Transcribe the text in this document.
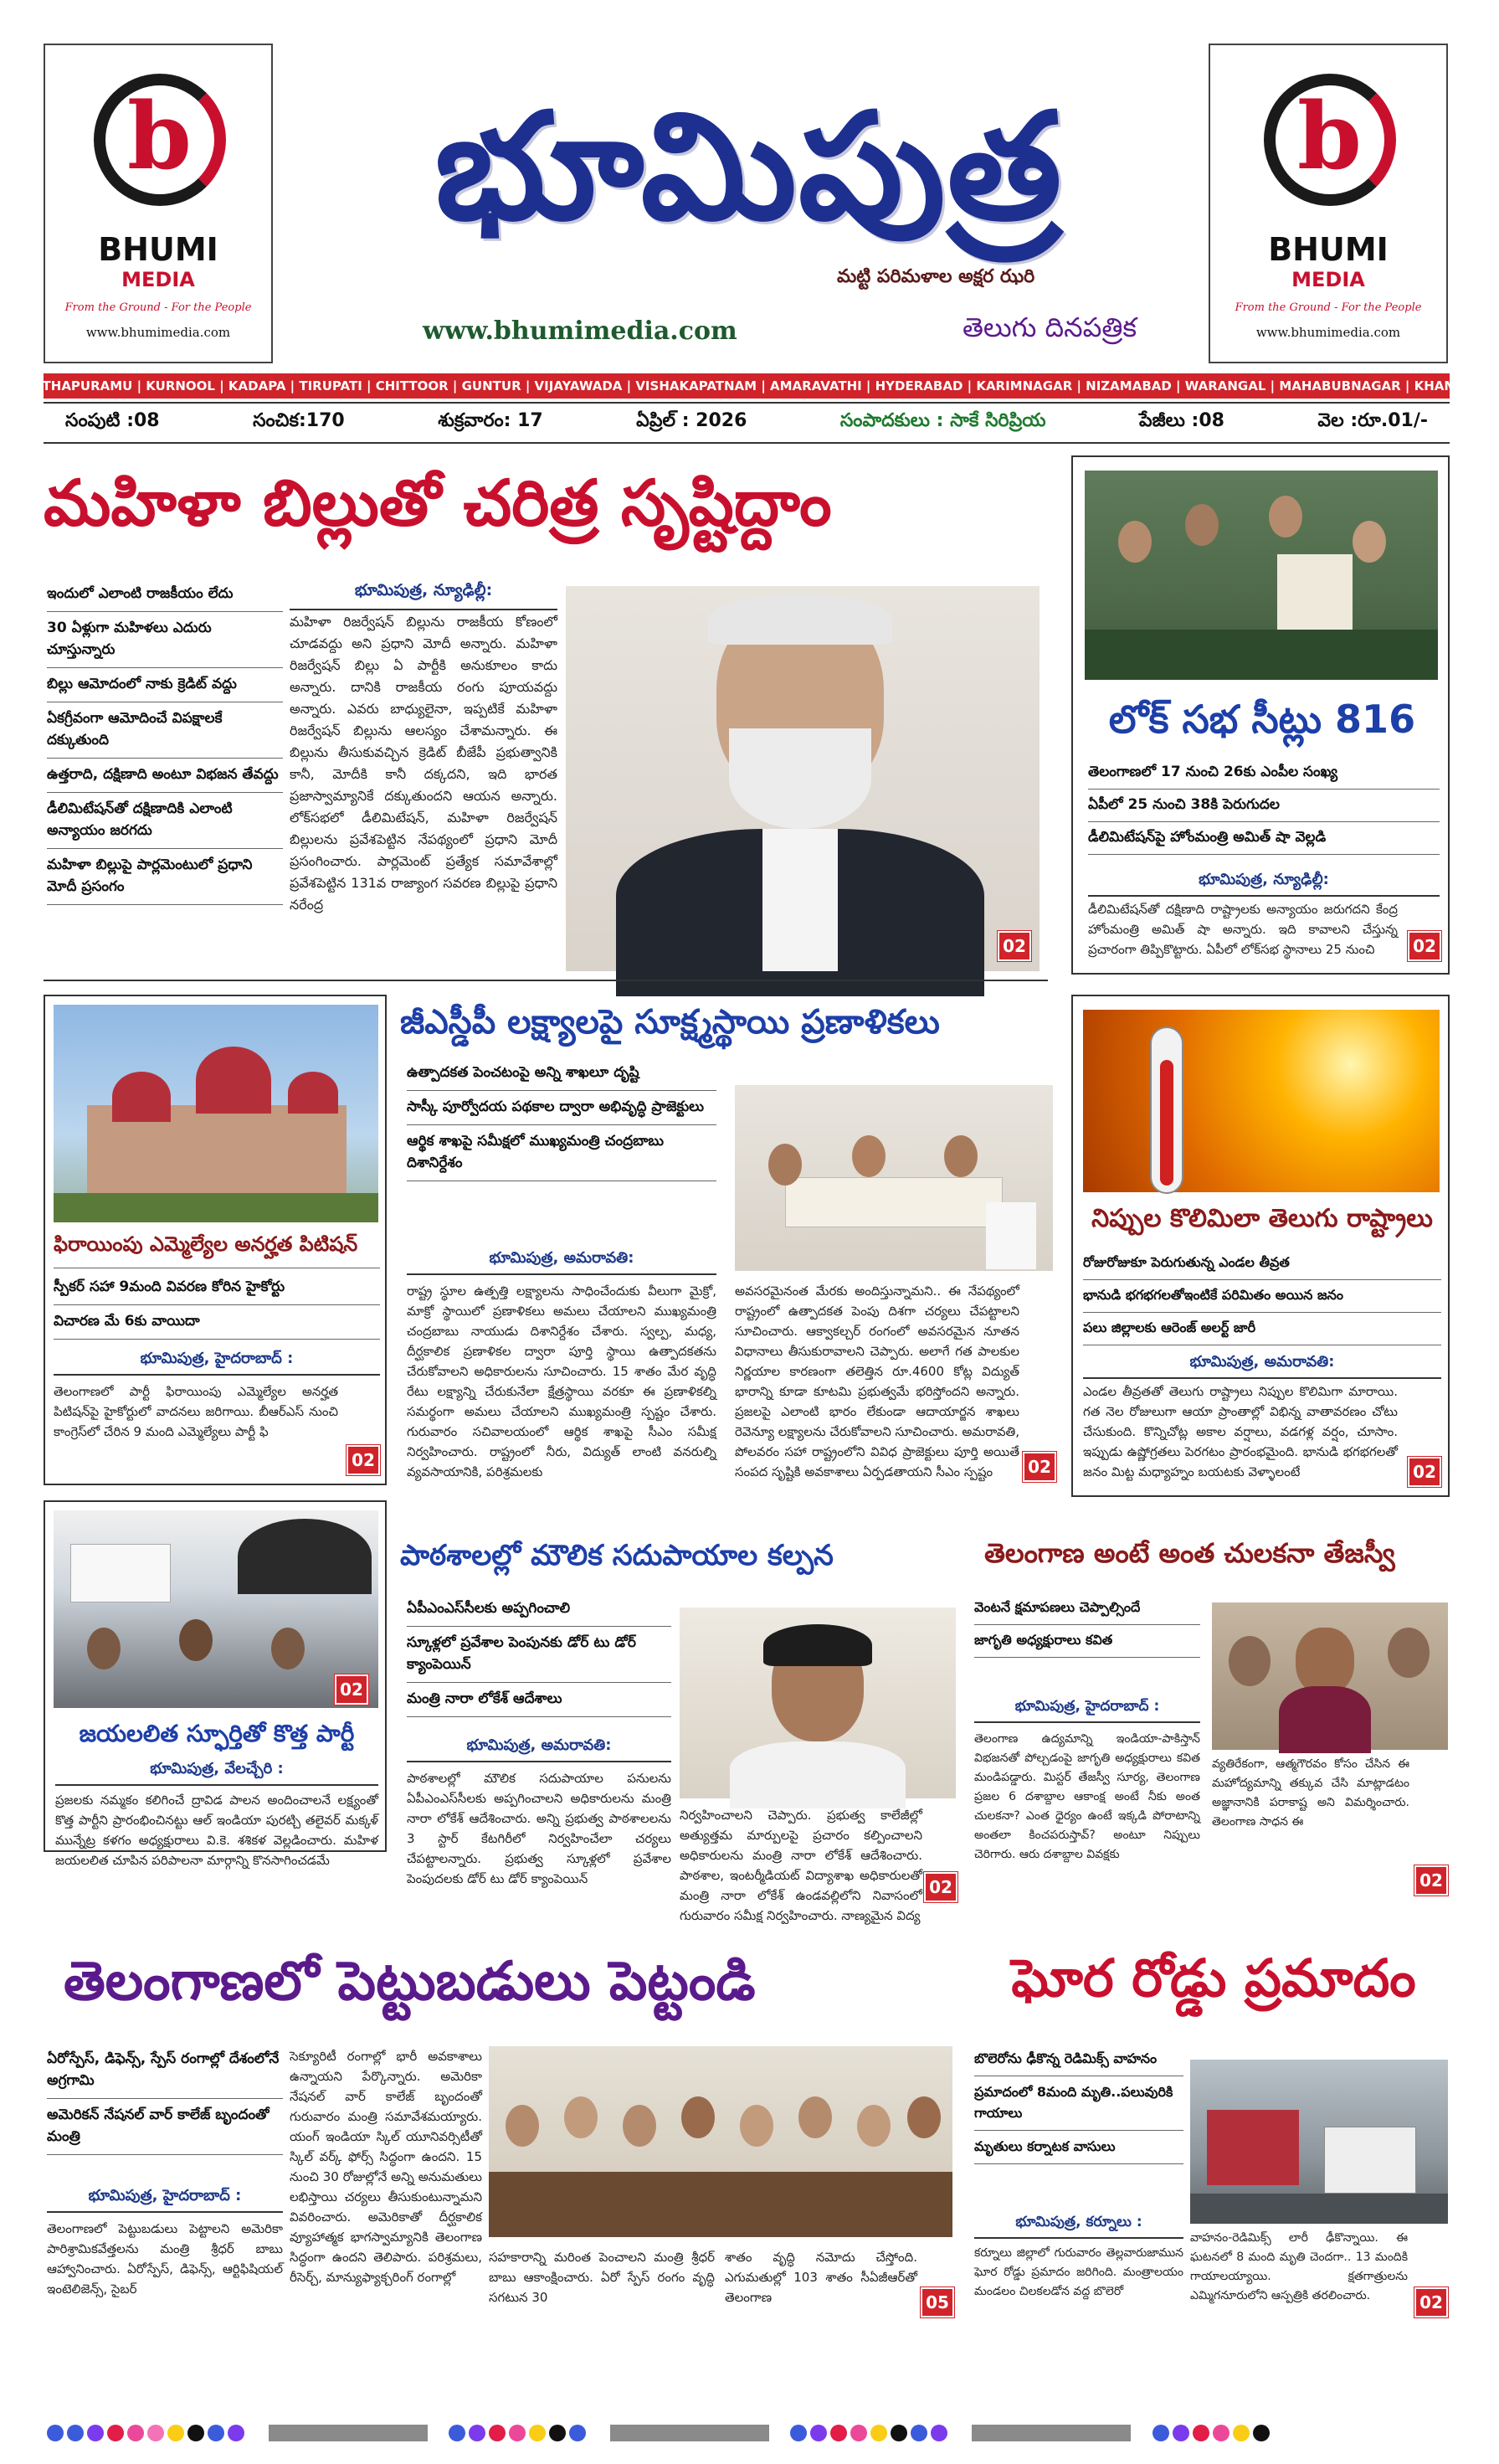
b
BHUMI
MEDIA
From the Ground - For the People
www.bhumimedia.com
b
BHUMI
MEDIA
From the Ground - For the People
www.bhumimedia.com
భూమిపుత్ర
మట్టి పరిమళాల అక్షర ఝరి
www.bhumimedia.com	తెలుగు దినపత్రిక
ANANTHAPURAMU | KURNOOL | KADAPA | TIRUPATI | CHITTOOR | GUNTUR | VIJAYAWADA | VISHAKAPATNAM | AMARAVATHI | HYDERABAD | KARIMNAGAR | NIZAMABAD | WARANGAL | MAHABUBNAGAR | KHAMMAM
సంపుటి :08	సంచిక:170	శుక్రవారం: 17	ఏప్రిల్ : 2026	సంపాదకులు : సాకే సిరిప్రియ	పేజీలు :08	వెల :రూ.01/-
మహిళా బిల్లుతో చరిత్ర సృష్టిద్దాం

ఇందులో ఎలాంటి రాజకీయం లేదు

30 ఏళ్లుగా మహిళలు ఎదురు చూస్తున్నారు

బిల్లు ఆమోదంలో నాకు క్రెడిట్ వద్దు

ఏకగ్రీవంగా ఆమోదించే విపక్షాలకే దక్కుతుంది

ఉత్తరాది, దక్షిణాది అంటూ విభజన తేవద్దు

డీలిమిటేషన్‌తో దక్షిణాదికి ఎలాంటి అన్యాయం జరగదు

మహిళా బిల్లుపై పార్లమెంటులో ప్రధాని మోదీ ప్రసంగం

భూమిపుత్ర, న్యూఢిల్లీ:
మహిళా రిజర్వేషన్ బిల్లును రాజకీయ కోణంలో చూడవద్దు అని ప్రధాని మోదీ అన్నారు. మహిళా రిజర్వేషన్ బిల్లు ఏ పార్టీకి అనుకూలం కాదు అన్నారు. దానికి రాజకీయ రంగు పూయవద్దు అన్నారు. ఎవరు బాధ్యులైనా, ఇప్పటికే మహిళా రిజర్వేషన్ బిల్లును ఆలస్యం చేశామన్నారు. ఈ బిల్లును తీసుకువచ్చిన క్రెడిట్ బీజేపీ ప్రభుత్వానికి కానీ, మోదీకి కానీ దక్కదని, ఇది భారత ప్రజాస్వామ్యానికే దక్కుతుందని ఆయన అన్నారు. లోక్‌సభలో డీలిమిటేషన్, మహిళా రిజర్వేషన్ బిల్లులను ప్రవేశపెట్టిన నేపథ్యంలో ప్రధాని మోదీ ప్రసంగించారు. పార్లమెంట్ ప్రత్యేక సమావేశాల్లో ప్రవేశపెట్టిన 131వ రాజ్యాంగ సవరణ బిల్లుపై ప్రధాని నరేంద్ర
02
లోక్ సభ సీట్లు 816

తెలంగాణలో 17 నుంచి 26కు ఎంపీల సంఖ్య

ఏపీలో 25 నుంచి 38కి పెరుగుదల

డీలిమిటేషన్‌పై హోంమంత్రి అమిత్ షా వెల్లడి

భూమిపుత్ర, న్యూఢిల్లీ:
డీలిమిటేషన్‌తో దక్షిణాది రాష్ట్రాలకు అన్యాయం జరుగదని కేంద్ర హోంమంత్రి అమిత్ షా అన్నారు. ఇది కావాలని చేస్తున్న ప్రచారంగా తిప్పికొట్టారు. ఏపీలో లోక్‌సభ స్థానాలు 25 నుంచి	02
ఫిరాయింపు ఎమ్మెల్యేల అనర్హత పిటిషన్

స్పీకర్ సహా 9మంది వివరణ కోరిన హైకోర్టు

విచారణ మే 6కు వాయిదా

భూమిపుత్ర, హైదరాబాద్ :
తెలంగాణలో పార్టీ ఫిరాయింపు ఎమ్మెల్యేల అనర్హత పిటిషన్‌పై హైకోర్టులో వాదనలు జరిగాయి. బీఆర్ఎస్ నుంచి కాంగ్రెస్‌లో చేరిన 9 మంది ఎమ్మెల్యేలు పార్టీ ఫి
02
జీఎస్డీపీ లక్ష్యాలపై సూక్ష్మస్థాయి ప్రణాళికలు

ఉత్పాదకత పెంచటంపై అన్ని శాఖలూ దృష్టి

సాస్కీ పూర్వోదయ పథకాల ద్వారా అభివృద్ధి ప్రాజెక్టులు

ఆర్థిక శాఖపై సమీక్షలో ముఖ్యమంత్రి చంద్రబాబు దిశానిర్దేశం

భూమిపుత్ర, అమరావతి:
రాష్ట్ర స్థూల ఉత్పత్తి లక్ష్యాలను సాధించేందుకు వీలుగా మైక్రో, మాక్రో స్థాయిలో ప్రణాళికలు అమలు చేయాలని ముఖ్యమంత్రి చంద్రబాబు నాయుడు దిశానిర్దేశం చేశారు. స్వల్ప, మధ్య, దీర్ఘకాలిక ప్రణాళికల ద్వారా పూర్తి స్థాయి ఉత్పాదకతను చేరుకోవాలని అధికారులను సూచించారు. 15 శాతం మేర వృద్ధి రేటు లక్ష్యాన్ని చేరుకునేలా క్షేత్రస్థాయి వరకూ ఈ ప్రణాళికల్ని సమర్థంగా అమలు చేయాలని ముఖ్యమంత్రి స్పష్టం చేశారు. గురువారం సచివాలయంలో ఆర్థిక శాఖపై సీఎం సమీక్ష నిర్వహించారు. రాష్ట్రంలో నీరు, విద్యుత్ లాంటి వనరుల్ని వ్యవసాయానికి, పరిశ్రమలకు
అవసరమైనంత మేరకు అందిస్తున్నామని.. ఈ నేపథ్యంలో రాష్ట్రంలో ఉత్పాదకత పెంపు దిశగా చర్యలు చేపట్టాలని సూచించారు. ఆక్వాకల్చర్ రంగంలో అవసరమైన నూతన విధానాలు తీసుకురావాలని చెప్పారు. అలాగే గత పాలకుల నిర్ణయాల కారణంగా తలెత్తిన రూ.4600 కోట్ల విద్యుత్ భారాన్ని కూడా కూటమి ప్రభుత్వమే భరిస్తోందని అన్నారు. ప్రజలపై ఎలాంటి భారం లేకుండా ఆదాయార్జన శాఖలు రెవెన్యూ లక్ష్యాలను చేరుకోవాలని సూచించారు. అమరావతి, పోలవరం సహా రాష్ట్రంలోని వివిధ ప్రాజెక్టులు పూర్తి అయితే సంపద సృష్టికి అవకాశాలు ఏర్పడతాయని సీఎం స్పష్టం	02
నిప్పుల కొలిమిలా తెలుగు రాష్ట్రాలు

రోజురోజుకూ పెరుగుతున్న ఎండల తీవ్రత

భానుడి భగభగలతోఇంటికే పరిమితం అయిన జనం

పలు జిల్లాలకు ఆరెంజ్ అలర్ట్ జారీ

భూమిపుత్ర, అమరావతి:
ఎండల తీవ్రతతో తెలుగు రాష్ట్రాలు నిప్పుల కొలిమిగా మారాయి. గత నెల రోజులుగా ఆయా ప్రాంతాల్లో విభిన్న వాతావరణం చోటు చేసుకుంది. కొన్నిచోట్ల అకాల వర్షాలు, వడగళ్ల వర్షం, చూసాం. ఇప్పుడు ఉష్ణోగ్రతలు పెరగటం ప్రారంభమైంది. భానుడి భగభగలతో జనం మిట్ట మధ్యాహ్నం బయటకు వెళ్ళాలంటే	02
02
జయలలిత స్ఫూర్తితో కొత్త పార్టీ
భూమిపుత్ర, వేలచ్చేరి :
ప్రజలకు నమ్మకం కలిగించే ద్రావిడ పాలన అందించాలనే లక్ష్యంతో కొత్త పార్టీని ప్రారంభించినట్టు ఆల్ ఇండియా పురట్చి తలైవర్ మక్కళ్ మున్నేట్ర కళగం అధ్యక్షురాలు వి.కె. శశికళ వెల్లడించారు. మహిళ జయలలిత చూపిన పరిపాలనా మార్గాన్ని కొనసాగించడమే
పాఠశాలల్లో మౌలిక సదుపాయాల కల్పన

ఏపీఎంఎస్‌సీలకు అప్పగించాలి

స్కూళ్లలో ప్రవేశాల పెంపునకు డోర్ టు డోర్ క్యాంపెయిన్

మంత్రి నారా లోకేశ్ ఆదేశాలు

భూమిపుత్ర, అమరావతి:
పాఠశాలల్లో మౌలిక సదుపాయాల పనులను ఏపీఎంఎస్‌సీలకు అప్పగించాలని అధికారులను మంత్రి నారా లోకేశ్ ఆదేశించారు. అన్ని ప్రభుత్వ పాఠశాలలను 3 స్టార్ కేటగిరీలో నిర్వహించేలా చర్యలు చేపట్టాలన్నారు. ప్రభుత్వ స్కూళ్లలో ప్రవేశాల పెంపుదలకు డోర్ టు డోర్ క్యాంపెయిన్
నిర్వహించాలని చెప్పారు. ప్రభుత్వ కాలేజీల్లో అత్యుత్తమ మార్పులపై ప్రచారం కల్పించాలని అధికారులను మంత్రి నారా లోకేశ్ ఆదేశించారు. పాఠశాల, ఇంటర్మీడియట్ విద్యాశాఖ అధికారులతో మంత్రి నారా లోకేశ్ ఉండవల్లిలోని నివాసంలో గురువారం సమీక్ష నిర్వహించారు. నాణ్యమైన విద్య
02
తెలంగాణ అంటే అంత చులకనా తేజస్వీ

వెంటనే క్షమాపణలు చెప్పాల్సిందే

జాగృతి అధ్యక్షురాలు కవిత

భూమిపుత్ర, హైదరాబాద్ :
తెలంగాణ ఉద్యమాన్ని ఇండియా-పాకిస్తాన్ విభజనతో పోల్చడంపై జాగృతి అధ్యక్షురాలు కవిత మండిపడ్డారు. మిస్టర్ తేజస్వీ సూర్య, తెలంగాణ ప్రజల 6 దశాబ్దాల ఆకాంక్ష అంటే నీకు అంత చులకనా? ఎంత ధైర్యం ఉంటే ఇక్కడి పోరాటాన్ని అంతలా కించపరుస్తావ్? అంటూ నిప్పులు చెరిగారు. ఆరు దశాబ్దాల వివక్షకు
వ్యతిరేకంగా, ఆత్మగౌరవం కోసం చేసిన ఈ మహోద్యమాన్ని తక్కువ చేసి మాట్లాడటం అజ్ఞానానికి పరాకాష్ట అని విమర్శించారు. తెలంగాణ సాధన ఈ
02
తెలంగాణలో పెట్టుబడులు పెట్టండి

ఏరోస్పేస్, డిఫెన్స్, స్పేస్ రంగాల్లో దేశంలోనే అగ్రగామి

అమెరికన్ నేషనల్ వార్ కాలేజ్ బృందంతో మంత్రి

భూమిపుత్ర, హైదరాబాద్ :
తెలంగాణలో పెట్టుబడులు పెట్టాలని అమెరికా పారిశ్రామికవేత్తలను మంత్రి శ్రీధర్ బాబు ఆహ్వానించారు. ఏరోస్పేస్, డిఫెన్స్, ఆర్టిఫిషియల్ ఇంటెలిజెన్స్, సైబర్
సెక్యూరిటీ రంగాల్లో భారీ అవకాశాలు ఉన్నాయని పేర్కొన్నారు. అమెరికా నేషనల్ వార్ కాలేజ్ బృందంతో గురువారం మంత్రి సమావేశమయ్యారు. యంగ్ ఇండియా స్కిల్ యూనివర్సిటీతో స్కిల్ వర్క్ ఫోర్స్ సిద్ధంగా ఉందని. 15 నుంచి 30 రోజుల్లోనే అన్ని అనుమతులు లభిస్తాయి చర్యలు తీసుకుంటున్నామని వివరించారు. అమెరికాతో దీర్ఘకాలిక వ్యూహాత్మక భాగస్వామ్యానికి తెలంగాణ సిద్ధంగా ఉందని తెలిపారు. పరిశ్రమలు, రీసెర్చ్, మాన్యుఫ్యాక్చరింగ్ రంగాల్లో
సహకారాన్ని మరింత పెంచాలని మంత్రి శ్రీధర్ బాబు ఆకాంక్షించారు. ఏరో స్పేస్ రంగం వృద్ధి సగటున 30
శాతం వృద్ధి నమోదు చేస్తోంది. ఎగుమతుల్లో 103 శాతం సీఏజీఆర్‌తో తెలంగాణ	05
ఘోర రోడ్డు ప్రమాదం

బొలెరోను ఢీకొన్న రెడిమిక్స్ వాహనం

ప్రమాదంలో 8మంది మృతి..పలువురికి గాయాలు

మృతులు కర్నాటక వాసులు

భూమిపుత్ర, కర్నూలు :
కర్నూలు జిల్లాలో గురువారం తెల్లవారుజామున ఘోర రోడ్డు ప్రమాదం జరిగింది. మంత్రాలయం మండలం చిలకలడోన వద్ద బొలెరో
వాహనం-రెడిమిక్స్ లారీ ఢీకొన్నాయి. ఈ ఘటనలో 8 మంది మృతి చెందగా.. 13 మందికి గాయాలయ్యాయి. క్షతగాత్రులను ఎమ్మిగనూరులోని ఆస్పత్రికి తరలించారు.	02
